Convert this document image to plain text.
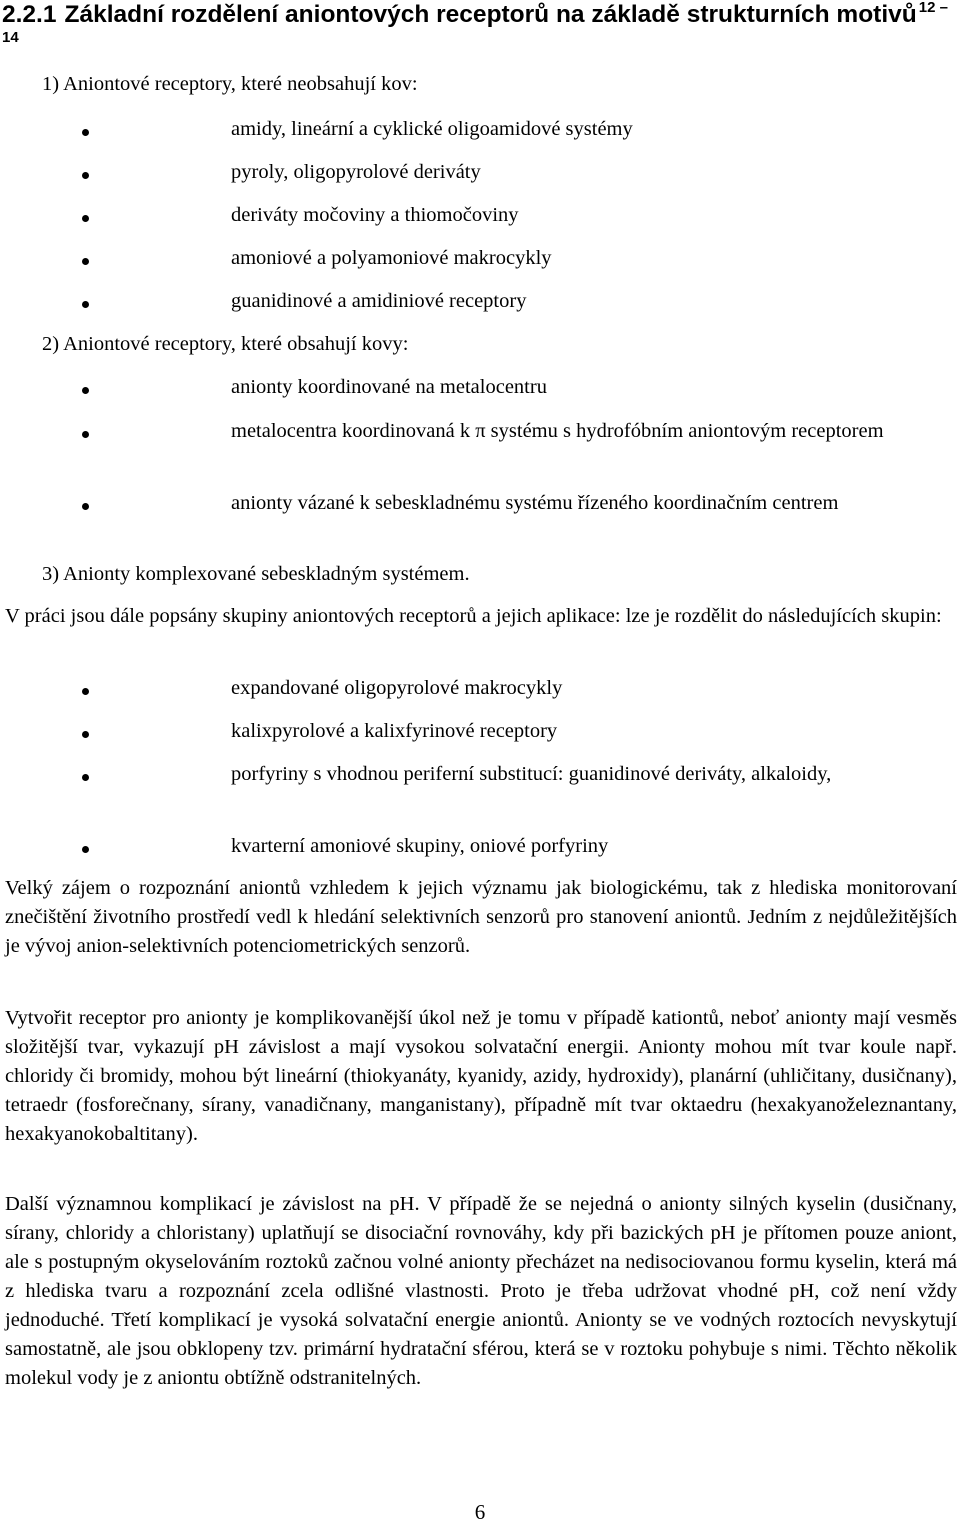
2.2.1 Základní rozdělení aniontových receptorů na základě strukturních motivů $^{12 - 14}$
1) Aniontové receptory, které neobsahují kov:
amidy, lineární a cyklické oligoamidové systémy
pyroly, oligopyrolové deriváty
deriváty močoviny a thiomočoviny
amoniové a polyamoniové makrocykly
guanidinové a amidiniové receptory
2) Aniontové receptory, které obsahují kovy:
anionty koordinované na metalocentru
metalocentra koordinovaná k π systému s hydrofóbním aniontovým receptorem
anionty vázané k sebeskladnému systému řízeného koordinačním centrem
3) Anionty komplexované sebeskladným systémem.
V práci jsou dále popsány skupiny aniontových receptorů a jejich aplikace: lze je rozdělit do následujících skupin:
expandované oligopyrolové makrocykly
kalixpyrolové a kalixfyrinové receptory
porfyriny s vhodnou periferní substitucí: guanidinové deriváty, alkaloidy,
kvarterní amoniové skupiny, oniové porfyriny
Velký zájem o rozpoznání aniontů vzhledem k jejich významu jak biologickému, tak z hlediska monitorovaní znečištění životního prostředí vedl k hledání selektivních senzorů pro stanovení aniontů. Jedním z nejdůležitějších je vývoj anion-selektivních potenciometrických senzorů.
Vytvořit receptor pro anionty je komplikovanější úkol než je tomu v případě kationtů, neboť anionty mají vesměs složitější tvar, vykazují pH závislost a mají vysokou solvatační energii. Anionty mohou mít tvar koule např. chloridy či bromidy, mohou být lineární (thiokyanáty, kyanidy, azidy, hydroxidy), planární (uhličitany, dusičnany), tetraedr (fosforečnany, sírany, vanadičnany, manganistany), případně mít tvar oktaedru (hexakyanoželeznantany, hexakyanokobaltitany).
Další významnou komplikací je závislost na pH. V případě že se nejedná o anionty silných kyselin (dusičnany, sírany, chloridy a chloristany) uplatňují se disociační rovnováhy, kdy při bazických pH je přítomen pouze aniont, ale s postupným okyselováním roztoků začnou volné anionty přecházet na nedisociovanou formu kyselin, která má z hlediska tvaru a rozpoznání zcela odlišné vlastnosti. Proto je třeba udržovat vhodné pH, což není vždy jednoduché. Třetí komplikací je vysoká solvatační energie aniontů. Anionty se ve vodných roztocích nevyskytují samostatně, ale jsou obklopeny tzv. primární hydratační sférou, která se v roztoku pohybuje s nimi. Těchto několik molekul vody je z aniontu obtížně odstranitelných.
6
